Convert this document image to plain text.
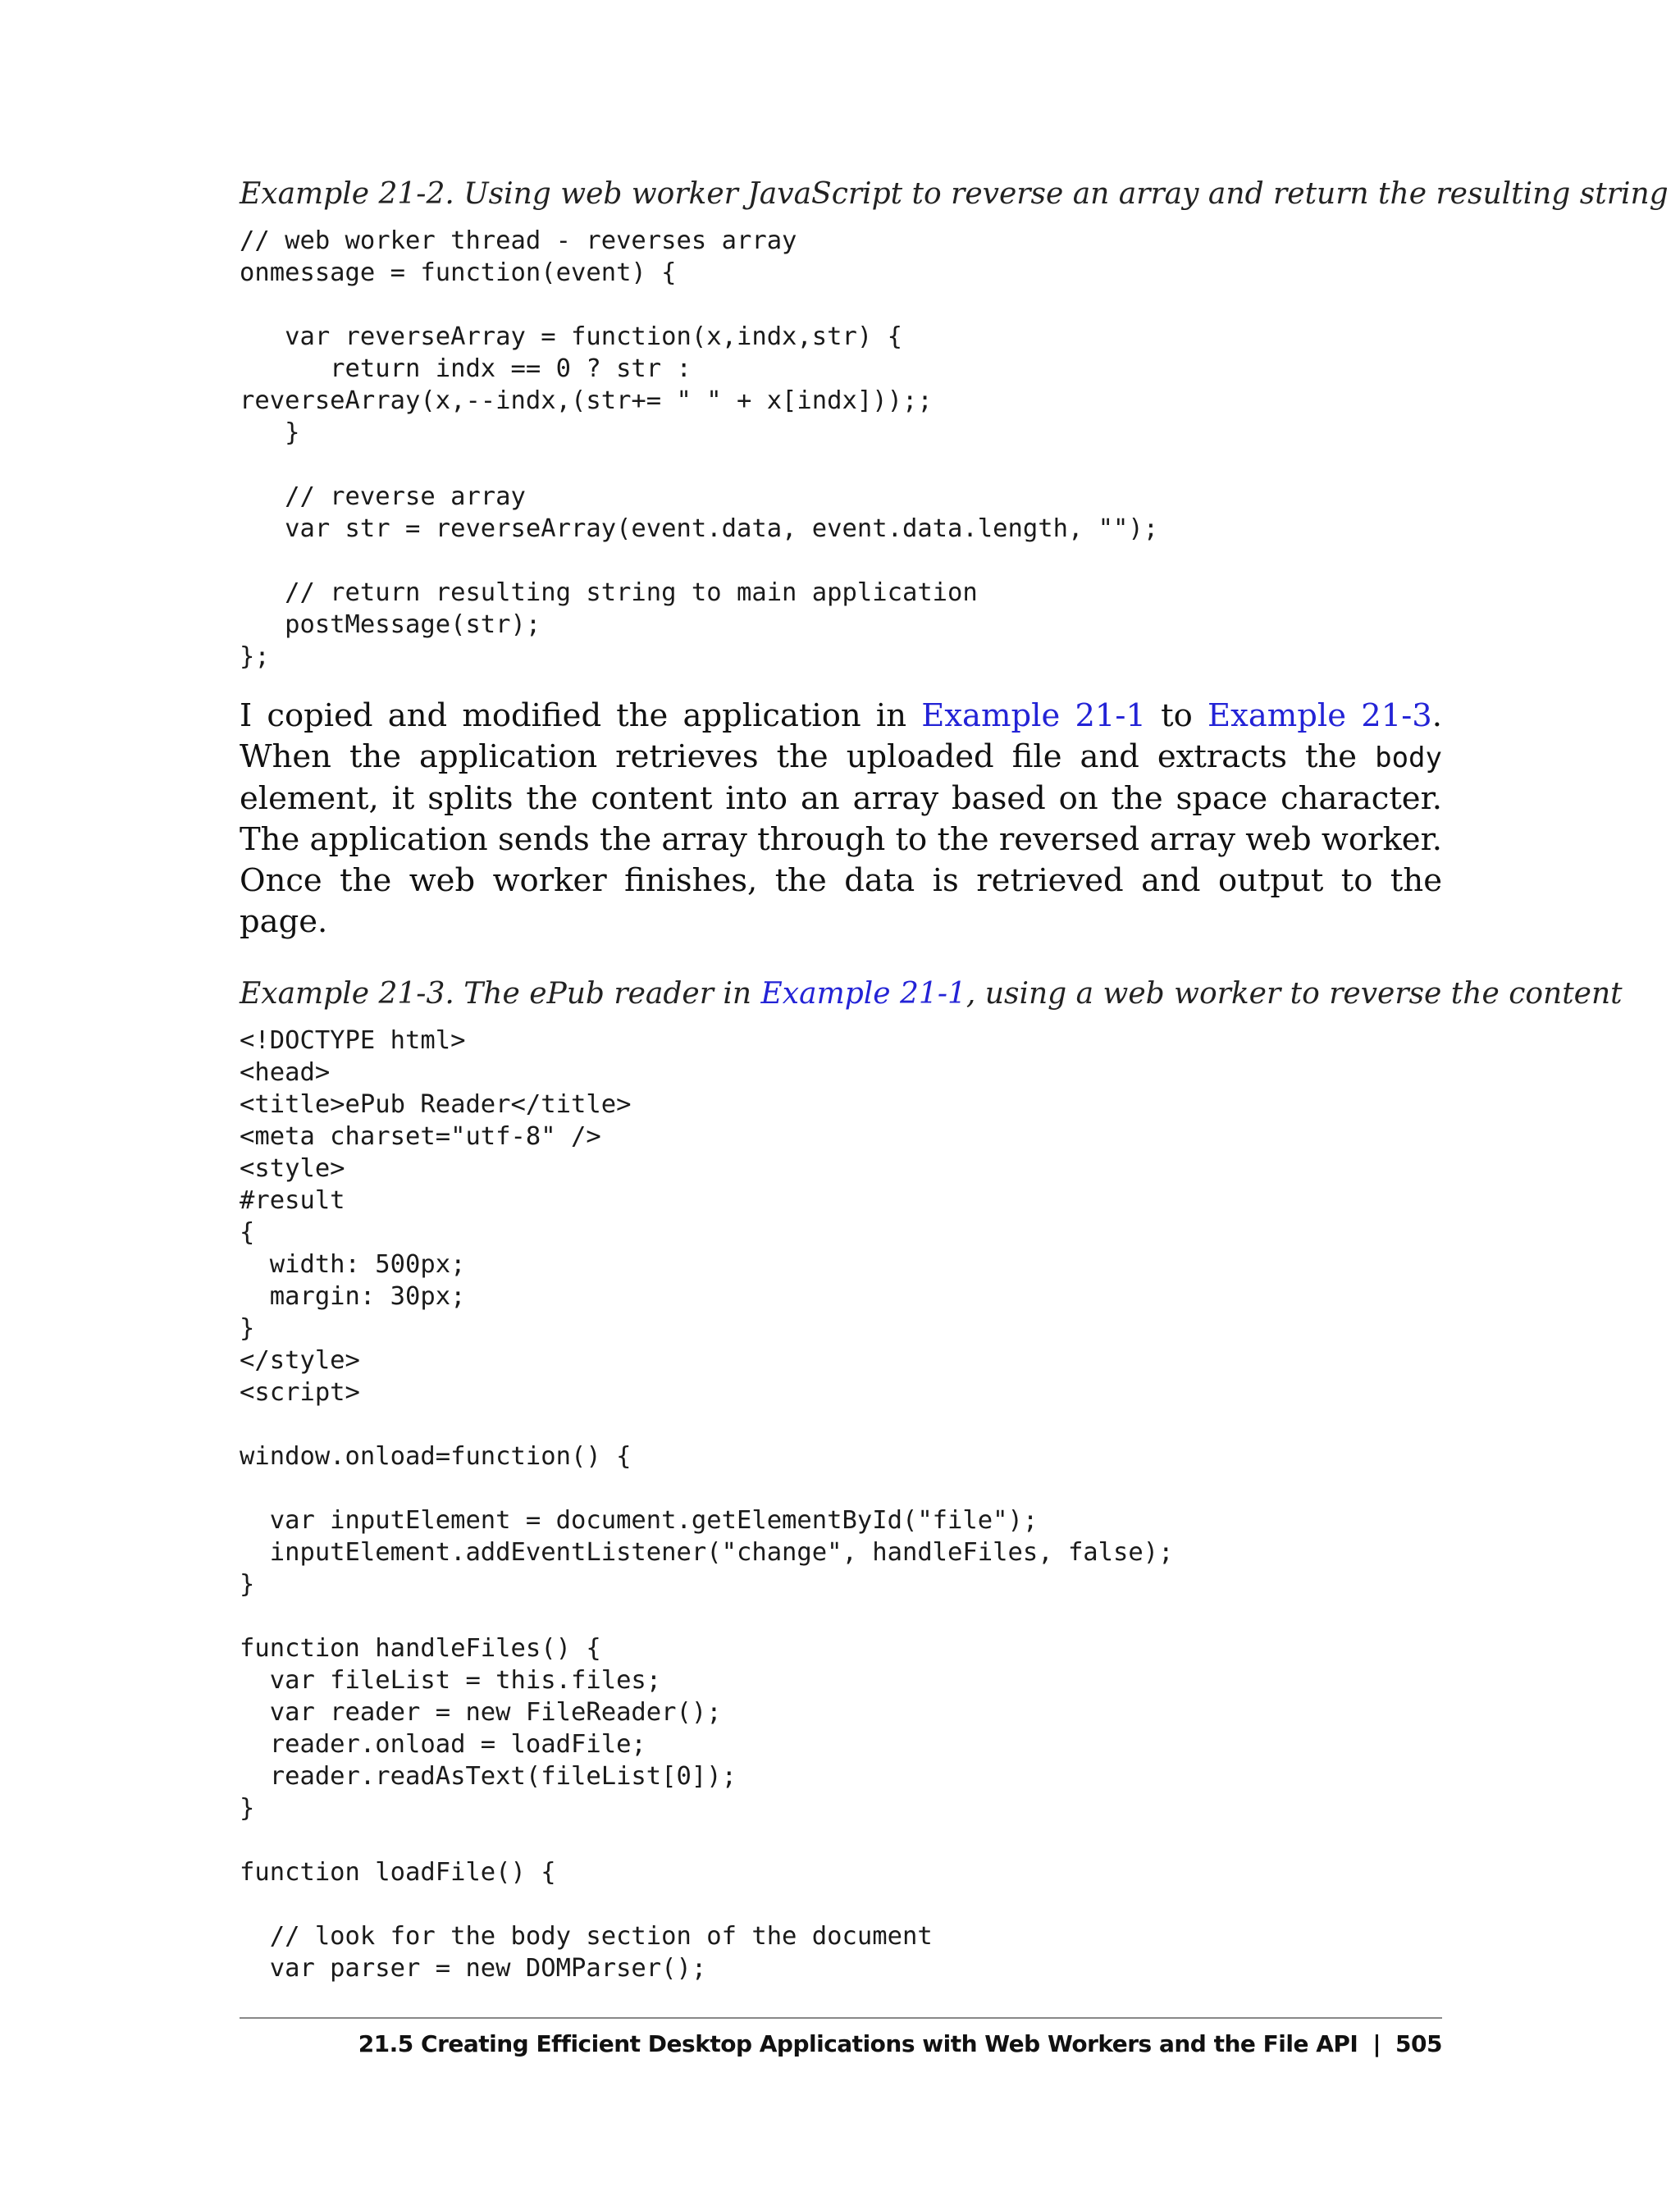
Example 21-2. Using web worker JavaScript to reverse an array and return the resulting string
// web worker thread - reverses array
onmessage = function(event) {

var reverseArray = function(x,indx,str) {
return indx == 0 ? str :
reverseArray(x,--indx,(str+= " " + x[indx]));;
}

// reverse array
var str = reverseArray(event.data, event.data.length, "");

// return resulting string to main application
postMessage(str);
};

I copied and modified the application in Example 21-1 to Example 21-3. When the application retrieves the uploaded file and extracts the body element, it splits the content into an array based on the space character. The application sends the array through to the reversed array web worker. Once the web worker finishes, the data is retrieved and output to the page.

Example 21-3. The ePub reader in Example 21-1, using a web worker to reverse the content
<!DOCTYPE html>
<head>
<title>ePub Reader</title>
<meta charset="utf-8" />
<style>
#result
{
width: 500px;
margin: 30px;
}
</style>
<script>

window.onload=function() {

var inputElement = document.getElementById("file");
inputElement.addEventListener("change", handleFiles, false);
}

function handleFiles() {
var fileList = this.files;
var reader = new FileReader();
reader.onload = loadFile;
reader.readAsText(fileList[0]);
}

function loadFile() {

// look for the body section of the document
var parser = new DOMParser();
21.5 Creating Efficient Desktop Applications with Web Workers and the File API | 505
